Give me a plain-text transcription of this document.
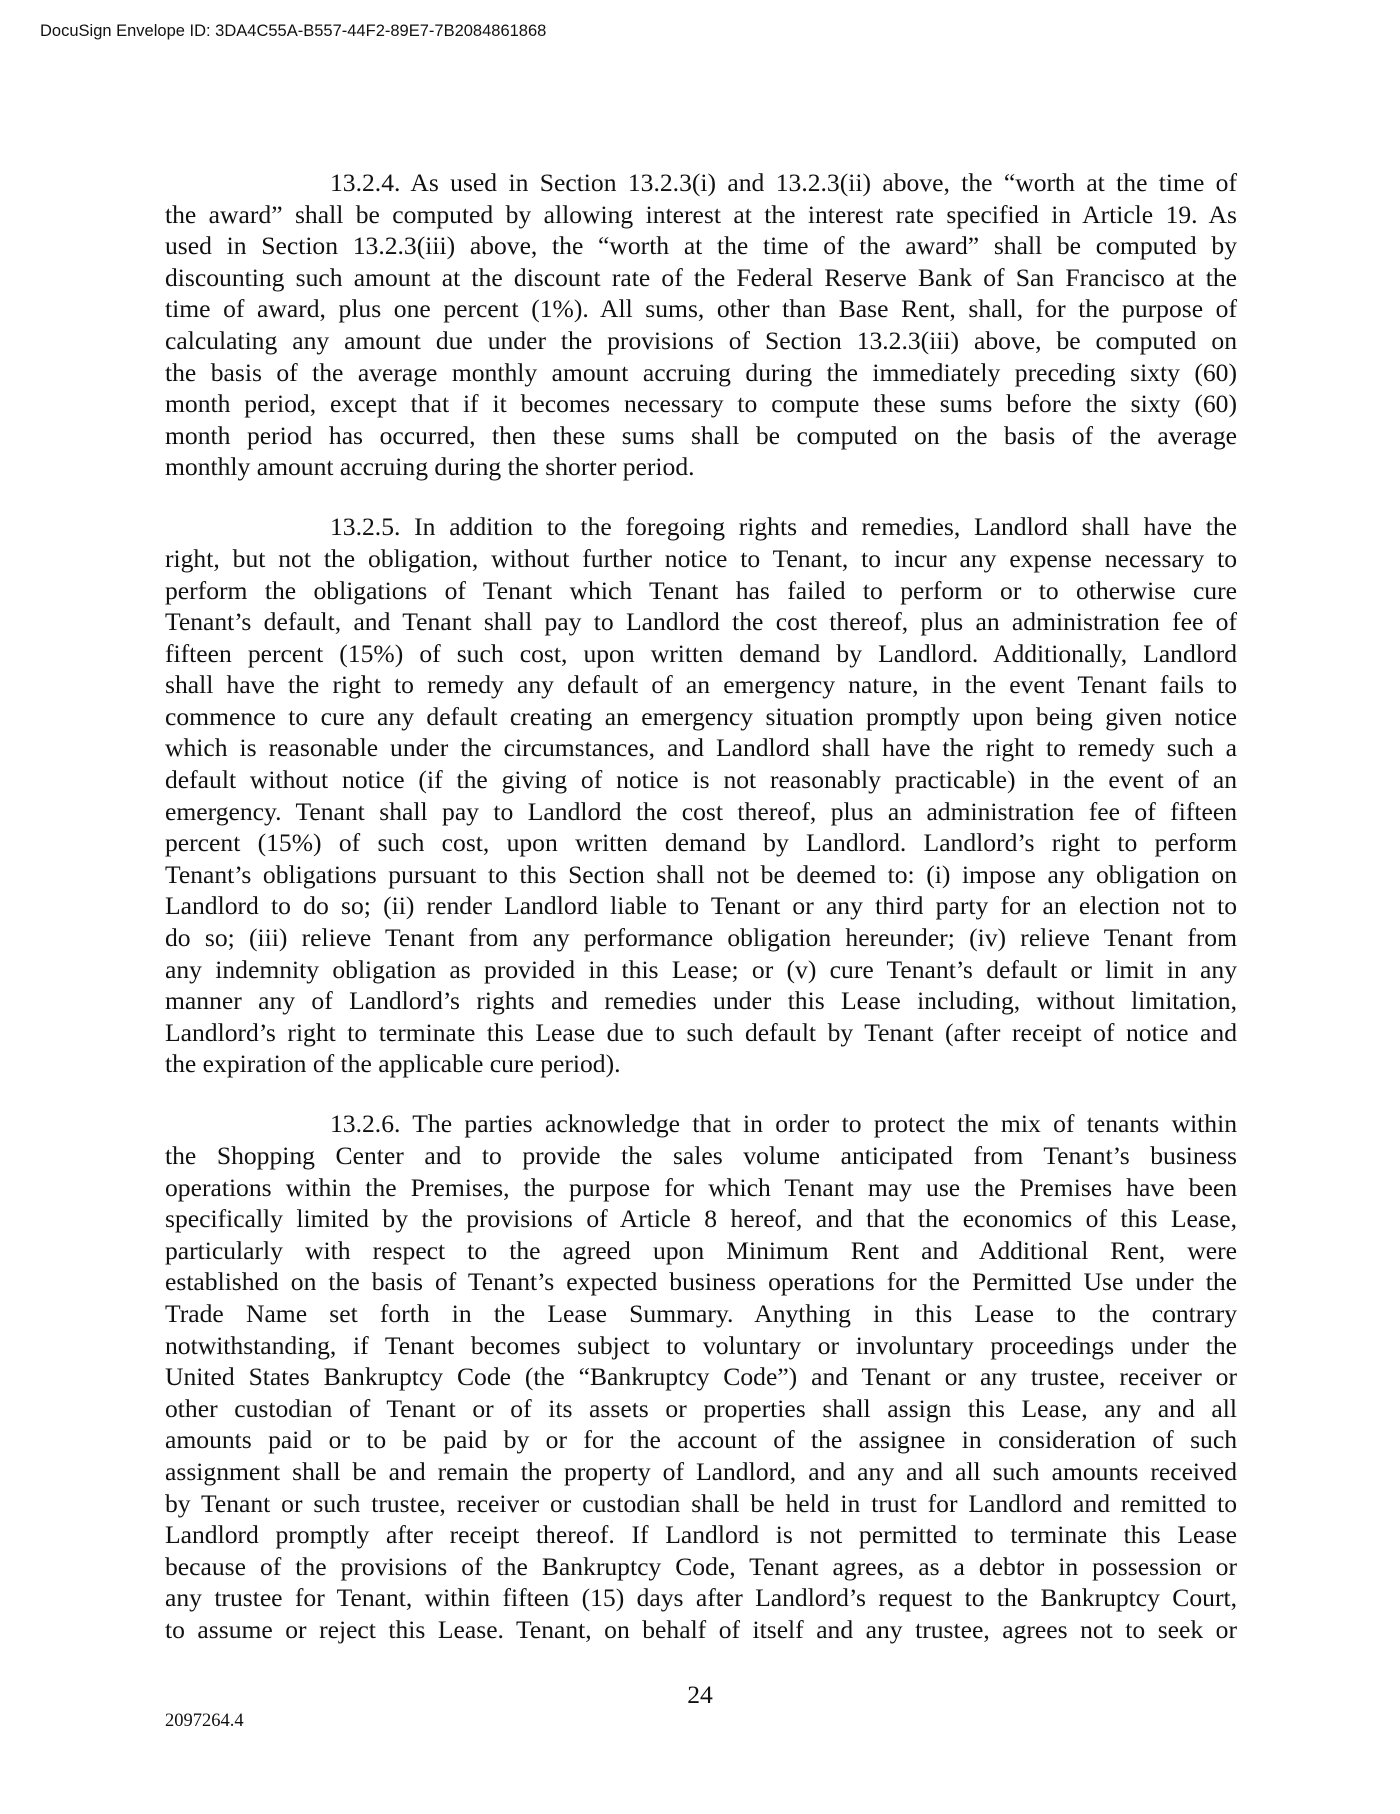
DocuSign Envelope ID: 3DA4C55A-B557-44F2-89E7-7B2084861868
13.2.4. As used in Section 13.2.3(i) and 13.2.3(ii) above, the “worth at the time of
the award” shall be computed by allowing interest at the interest rate specified in Article 19. As
used in Section 13.2.3(iii) above, the “worth at the time of the award” shall be computed by
discounting such amount at the discount rate of the Federal Reserve Bank of San Francisco at the
time of award, plus one percent (1%). All sums, other than Base Rent, shall, for the purpose of
calculating any amount due under the provisions of Section 13.2.3(iii) above, be computed on
the basis of the average monthly amount accruing during the immediately preceding sixty (60)
month period, except that if it becomes necessary to compute these sums before the sixty (60)
month period has occurred, then these sums shall be computed on the basis of the average
monthly amount accruing during the shorter period.
13.2.5. In addition to the foregoing rights and remedies, Landlord shall have the
right, but not the obligation, without further notice to Tenant, to incur any expense necessary to
perform the obligations of Tenant which Tenant has failed to perform or to otherwise cure
Tenant’s default, and Tenant shall pay to Landlord the cost thereof, plus an administration fee of
fifteen percent (15%) of such cost, upon written demand by Landlord. Additionally, Landlord
shall have the right to remedy any default of an emergency nature, in the event Tenant fails to
commence to cure any default creating an emergency situation promptly upon being given notice
which is reasonable under the circumstances, and Landlord shall have the right to remedy such a
default without notice (if the giving of notice is not reasonably practicable) in the event of an
emergency. Tenant shall pay to Landlord the cost thereof, plus an administration fee of fifteen
percent (15%) of such cost, upon written demand by Landlord. Landlord’s right to perform
Tenant’s obligations pursuant to this Section shall not be deemed to: (i) impose any obligation on
Landlord to do so; (ii) render Landlord liable to Tenant or any third party for an election not to
do so; (iii) relieve Tenant from any performance obligation hereunder; (iv) relieve Tenant from
any indemnity obligation as provided in this Lease; or (v) cure Tenant’s default or limit in any
manner any of Landlord’s rights and remedies under this Lease including, without limitation,
Landlord’s right to terminate this Lease due to such default by Tenant (after receipt of notice and
the expiration of the applicable cure period).
13.2.6. The parties acknowledge that in order to protect the mix of tenants within
the Shopping Center and to provide the sales volume anticipated from Tenant’s business
operations within the Premises, the purpose for which Tenant may use the Premises have been
specifically limited by the provisions of Article 8 hereof, and that the economics of this Lease,
particularly with respect to the agreed upon Minimum Rent and Additional Rent, were
established on the basis of Tenant’s expected business operations for the Permitted Use under the
Trade Name set forth in the Lease Summary. Anything in this Lease to the contrary
notwithstanding, if Tenant becomes subject to voluntary or involuntary proceedings under the
United States Bankruptcy Code (the “Bankruptcy Code”) and Tenant or any trustee, receiver or
other custodian of Tenant or of its assets or properties shall assign this Lease, any and all
amounts paid or to be paid by or for the account of the assignee in consideration of such
assignment shall be and remain the property of Landlord, and any and all such amounts received
by Tenant or such trustee, receiver or custodian shall be held in trust for Landlord and remitted to
Landlord promptly after receipt thereof. If Landlord is not permitted to terminate this Lease
because of the provisions of the Bankruptcy Code, Tenant agrees, as a debtor in possession or
any trustee for Tenant, within fifteen (15) days after Landlord’s request to the Bankruptcy Court,
to assume or reject this Lease. Tenant, on behalf of itself and any trustee, agrees not to seek or
24
2097264.4
